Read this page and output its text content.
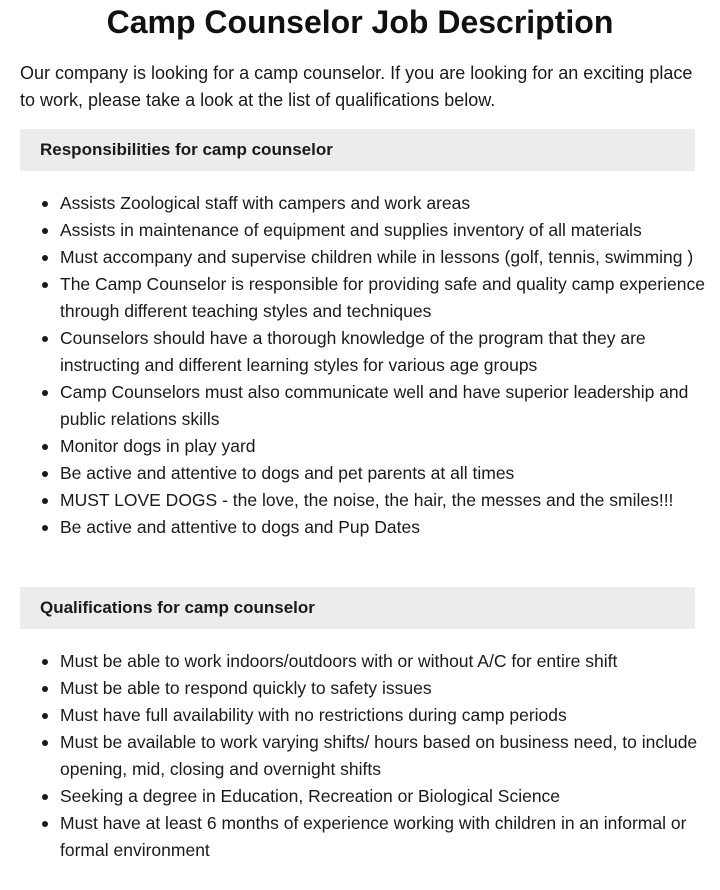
Camp Counselor Job Description

Our company is looking for a camp counselor. If you are looking for an exciting place to work, please take a look at the list of qualifications below.

Responsibilities for camp counselor
Assists Zoological staff with campers and work areas
Assists in maintenance of equipment and supplies inventory of all materials
Must accompany and supervise children while in lessons (golf, tennis, swimming )
The Camp Counselor is responsible for providing safe and quality camp experience through different teaching styles and techniques
Counselors should have a thorough knowledge of the program that they are instructing and different learning styles for various age groups
Camp Counselors must also communicate well and have superior leadership and public relations skills
Monitor dogs in play yard
Be active and attentive to dogs and pet parents at all times
MUST LOVE DOGS - the love, the noise, the hair, the messes and the smiles!!!
Be active and attentive to dogs and Pup Dates
Qualifications for camp counselor
Must be able to work indoors/outdoors with or without A/C for entire shift
Must be able to respond quickly to safety issues
Must have full availability with no restrictions during camp periods
Must be available to work varying shifts/ hours based on business need, to include opening, mid, closing and overnight shifts
Seeking a degree in Education, Recreation or Biological Science
Must have at least 6 months of experience working with children in an informal or formal environment
